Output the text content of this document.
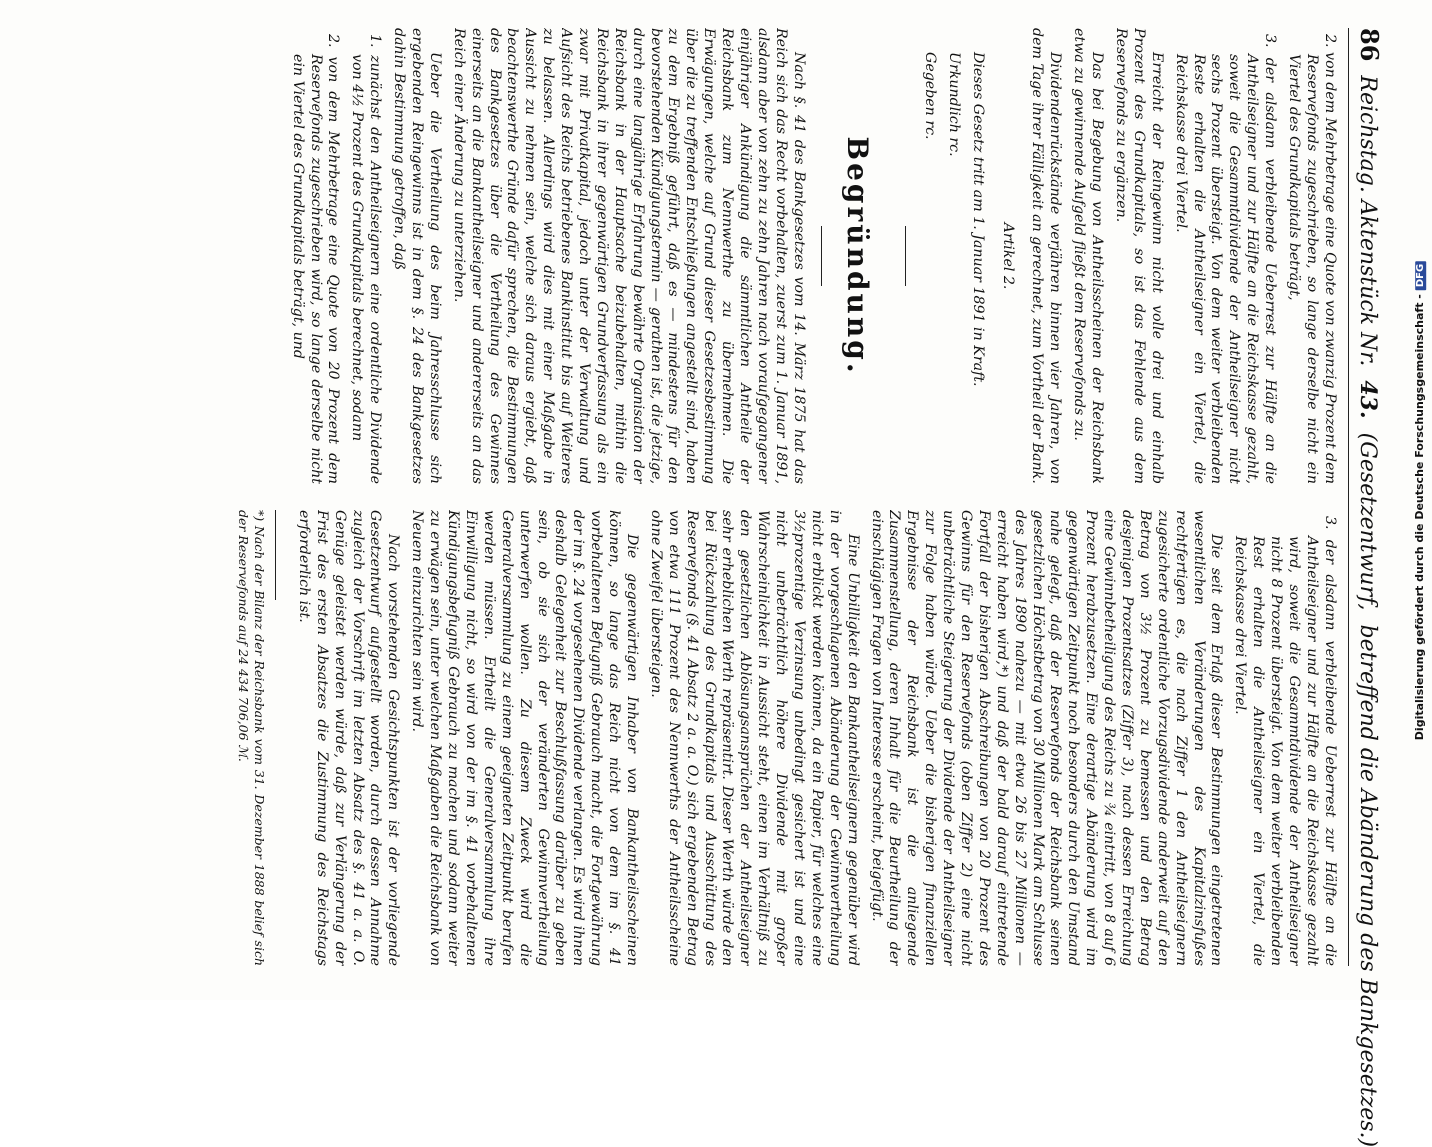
86
Reichstag. Aktenstück Nr.
43.
(Gesetzentwurf,
betreffend die Abänderung des Bankgesetzes.)
2. von dem Mehrbetrage eine Quote von zwanzig Prozent dem Reservefonds zugeschrieben, so lange derselbe nicht ein Viertel des Grundkapitals beträgt,
3. der alsdann verbleibende Ueberrest zur Hälfte an die Antheilseigner und zur Hälfte an die Reichskasse gezahlt, soweit die Gesammtdividende der Antheilseigner nicht sechs Prozent übersteigt. Von dem weiter verbleibenden Reste erhalten die Antheilseigner ein Viertel, die Reichskasse drei Viertel.

Erreicht der Reingewinn nicht volle drei und einhalb Prozent des Grundkapitals, so ist das Fehlende aus dem Reservefonds zu ergänzen.

Das bei Begebung von Antheilsscheinen der Reichsbank etwa zu gewinnende Aufgeld fließt dem Reservefonds zu.

Dividendenrückstände verjähren binnen vier Jahren, von dem Tage ihrer Fälligkeit an gerechnet, zum Vortheil der Bank.

Artikel 2.

Dieses Gesetz tritt am 1. Januar 1891 in Kraft.

Urkundlich rc.

Gegeben rc.

Begründung.

Nach §. 41 des Bankgesetzes vom 14. März 1875 hat das Reich sich das Recht vorbehalten, zuerst zum 1. Januar 1891, alsdann aber von zehn zu zehn Jahren nach voraufgegangener einjähriger Ankündigung die sämmtlichen Antheile der Reichsbank zum Nennwerthe zu übernehmen. Die Erwägungen, welche auf Grund dieser Gesetzesbestimmung über die zu treffenden Entschließungen angestellt sind, haben zu dem Ergebniß geführt, daß es — mindestens für den bevorstehenden Kündigungstermin — gerathen ist, die jetzige, durch eine langjährige Erfahrung bewährte Organisation der Reichsbank in der Hauptsache beizubehalten, mithin die Reichsbank in ihrer gegenwärtigen Grundverfassung als ein zwar mit Privatkapital, jedoch unter der Verwaltung und Aufsicht des Reichs betriebenes Bankinstitut bis auf Weiteres zu belassen. Allerdings wird dies mit einer Maßgabe in Aussicht zu nehmen sein, welche sich daraus ergiebt, daß beachtenswerthe Gründe dafür sprechen, die Bestimmungen des Bankgesetzes über die Vertheilung des Gewinnes einerseits an die Bankantheilseigner und andererseits an das Reich einer Änderung zu unterziehen.

Ueber die Vertheilung des beim Jahresschlusse sich ergebenden Reingewinns ist in dem §. 24 des Bankgesetzes dahin Bestimmung getroffen, daß

1. zunächst den Antheilseignern eine ordentliche Dividende von 4½ Prozent des Grundkapitals berechnet, sodann
2. von dem Mehrbetrage eine Quote von 20 Prozent dem Reservefonds zugeschrieben wird, so lange derselbe nicht ein Viertel des Grundkapitals beträgt, und
3. der alsdann verbleibende Ueberrest zur Hälfte an die Antheilseigner und zur Hälfte an die Reichskasse gezahlt wird, soweit die Gesammtdividende der Antheilseigner nicht 8 Prozent übersteigt. Von dem weiter verbleibenden Rest erhalten die Antheilseigner ein Viertel, die Reichskasse drei Viertel.

Die seit dem Erlaß dieser Bestimmungen eingetretenen wesentlichen Veränderungen des Kapitalzinsfußes rechtfertigen es, die nach Ziffer 1 den Antheilseignern zugesicherte ordentliche Vorzugsdividende anderweit auf den Betrag von 3½ Prozent zu bemessen und den Betrag desjenigen Prozentsatzes (Ziffer 3), nach dessen Erreichung eine Gewinnbetheiligung des Reichs zu ¾ eintritt, von 8 auf 6 Prozent herabzusetzen. Eine derartige Abänderung wird im gegenwärtigen Zeitpunkt noch besonders durch den Umstand nahe gelegt, daß der Reservefonds der Reichsbank seinen gesetzlichen Höchstbetrag von 30 Millionen Mark am Schlusse des Jahres 1890 nahezu — mit etwa 26 bis 27 Millionen — erreicht haben wird,*) und daß der bald darauf eintretende Fortfall der bisherigen Abschreibungen von 20 Prozent des Gewinns für den Reservefonds (oben Ziffer 2) eine nicht unbeträchtliche Steigerung der Dividende der Antheilseigner zur Folge haben würde. Ueber die bisherigen finanziellen Ergebnisse der Reichsbank ist die anliegende Zusammenstellung, deren Inhalt für die Beurtheilung der einschlägigen Fragen von Interesse erscheint, beigefügt.

Eine Unbilligkeit den Bankantheilseignern gegenüber wird in der vorgeschlagenen Abänderung der Gewinnvertheilung nicht erblickt werden können, da ein Papier, für welches eine 3½prozentige Verzinsung unbedingt gesichert ist und eine nicht unbeträchtlich höhere Dividende mit großer Wahrscheinlichkeit in Aussicht steht, einen im Verhältniß zu den gesetzlichen Ablösungsansprüchen der Antheilseigner sehr erheblichen Werth repräsentirt. Dieser Werth würde den bei Rückzahlung des Grundkapitals und Ausschüttung des Reservefonds (§. 41 Absatz 2 a. a. O.) sich ergebenden Betrag von etwa 111 Prozent des Nennwerths der Antheilsscheine ohne Zweifel übersteigen.

Die gegenwärtigen Inhaber von Bankantheilsscheinen können, so lange das Reich nicht von dem im §. 41 vorbehaltenen Befugniß Gebrauch macht, die Fortgewährung der im §. 24 vorgesehenen Dividende verlangen. Es wird ihnen deshalb Gelegenheit zur Beschlußfassung darüber zu geben sein, ob sie sich der veränderten Gewinnvertheilung unterwerfen wollen. Zu diesem Zweck wird die Generalversammlung zu einem geeigneten Zeitpunkt berufen werden müssen. Ertheilt die Generalversammlung ihre Einwilligung nicht, so wird von der im §. 41 vorbehaltenen Kündigungsbefugniß Gebrauch zu machen und sodann weiter zu erwägen sein, unter welchen Maßgaben die Reichsbank von Neuem einzurichten sein wird.

Nach vorstehenden Gesichtspunkten ist der vorliegende Gesetzentwurf aufgestellt worden, durch dessen Annahme zugleich der Vorschrift im letzten Absatz des §. 41 a. a. O. Genüge geleistet werden würde, daß zur Verlängerung der Frist des ersten Absatzes die Zustimmung des Reichstags erforderlich ist.

*) Nach der Bilanz der Reichsbank vom 31. Dezember 1888 belief sich der Reservefonds auf 24 434 706,06 ℳ.	Digitalisierung gefördert durch die Deutsche Forschungsgemeinschaft -DFG
